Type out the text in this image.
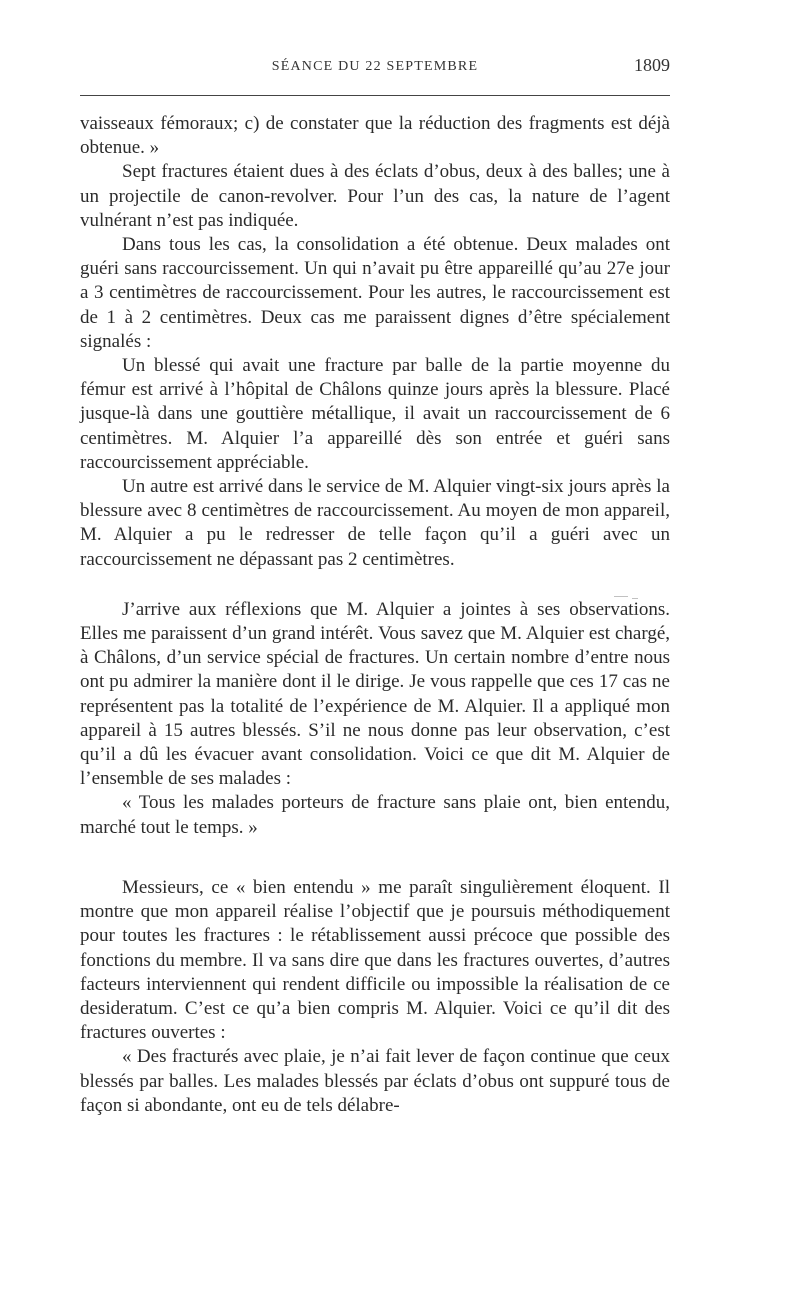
SÉANCE DU 22 SEPTEMBRE	1809

vaisseaux fémoraux; c) de constater que la réduction des fragments est déjà obtenue. »

Sept fractures étaient dues à des éclats d’obus, deux à des balles; une à un projectile de canon-revolver. Pour l’un des cas, la nature de l’agent vulnérant n’est pas indiquée.

Dans tous les cas, la consolidation a été obtenue. Deux malades ont guéri sans raccourcissement. Un qui n’avait pu être appareillé qu’au 27e jour a 3 centimètres de raccourcissement. Pour les autres, le raccourcissement est de 1 à 2 centimètres. Deux cas me paraissent dignes d’être spécialement signalés :

Un blessé qui avait une fracture par balle de la partie moyenne du fémur est arrivé à l’hôpital de Châlons quinze jours après la blessure. Placé jusque-là dans une gouttière métallique, il avait un raccourcissement de 6 centimètres. M. Alquier l’a appareillé dès son entrée et guéri sans raccourcissement appréciable.

Un autre est arrivé dans le service de M. Alquier vingt-six jours après la blessure avec 8 centimètres de raccourcissement. Au moyen de mon appareil, M. Alquier a pu le redresser de telle façon qu’il a guéri avec un raccourcissement ne dépassant pas 2 centimètres.

J’arrive aux réflexions que M. Alquier a jointes à ses observations. Elles me paraissent d’un grand intérêt. Vous savez que M. Alquier est chargé, à Châlons, d’un service spécial de fractures. Un certain nombre d’entre nous ont pu admirer la manière dont il le dirige. Je vous rappelle que ces 17 cas ne représentent pas la totalité de l’expérience de M. Alquier. Il a appliqué mon appareil à 15 autres blessés. S’il ne nous donne pas leur observation, c’est qu’il a dû les évacuer avant consolidation. Voici ce que dit M. Alquier de l’ensemble de ses malades :

« Tous les malades porteurs de fracture sans plaie ont, bien entendu, marché tout le temps. »

Messieurs, ce « bien entendu » me paraît singulièrement éloquent. Il montre que mon appareil réalise l’objectif que je poursuis méthodiquement pour toutes les fractures : le rétablissement aussi précoce que possible des fonctions du membre. Il va sans dire que dans les fractures ouvertes, d’autres facteurs interviennent qui rendent difficile ou impossible la réalisation de ce desideratum. C’est ce qu’a bien compris M. Alquier. Voici ce qu’il dit des fractures ouvertes :

« Des fracturés avec plaie, je n’ai fait lever de façon continue que ceux blessés par balles. Les malades blessés par éclats d’obus ont suppuré tous de façon si abondante, ont eu de tels délabre-
